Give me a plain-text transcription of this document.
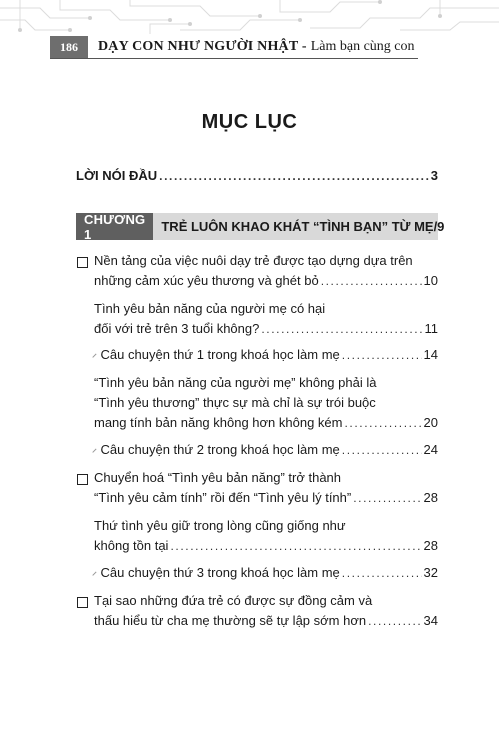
186	DẠY CON NHƯ NGƯỜI NHẬT - Làm bạn cùng con
MỤC LỤC
LỜI NÓI ĐẦU .....	3
CHƯƠNG 1	TRẺ LUÔN KHAO KHÁT “TÌNH BẠN” TỪ MẸ/9
Nền tảng của việc nuôi dạy trẻ được tạo dựng dựa trên
những cảm xúc yêu thương và ghét bỏ .....	10
Tình yêu bản năng của người mẹ có hại
đối với trẻ trên 3 tuổi không? .....	11
Câu chuyện thứ 1 trong khoá học làm mẹ .....	14
“Tình yêu bản năng của người mẹ” không phải là
“Tình yêu thương” thực sự mà chỉ là sự trói buộc
mang tính bản năng không hơn không kém .....	20
Câu chuyện thứ 2 trong khoá học làm mẹ .....	24
Chuyển hoá “Tình yêu bản năng” trở thành
“Tình yêu cảm tính” rồi đến “Tình yêu lý tính” .....	28
Thứ tình yêu giữ trong lòng cũng giống như
không tồn tại .....	28
Câu chuyện thứ 3 trong khoá học làm mẹ .....	32
Tại sao những đứa trẻ có được sự đồng cảm và
thấu hiểu từ cha mẹ thường sẽ tự lập sớm hơn .....	34
